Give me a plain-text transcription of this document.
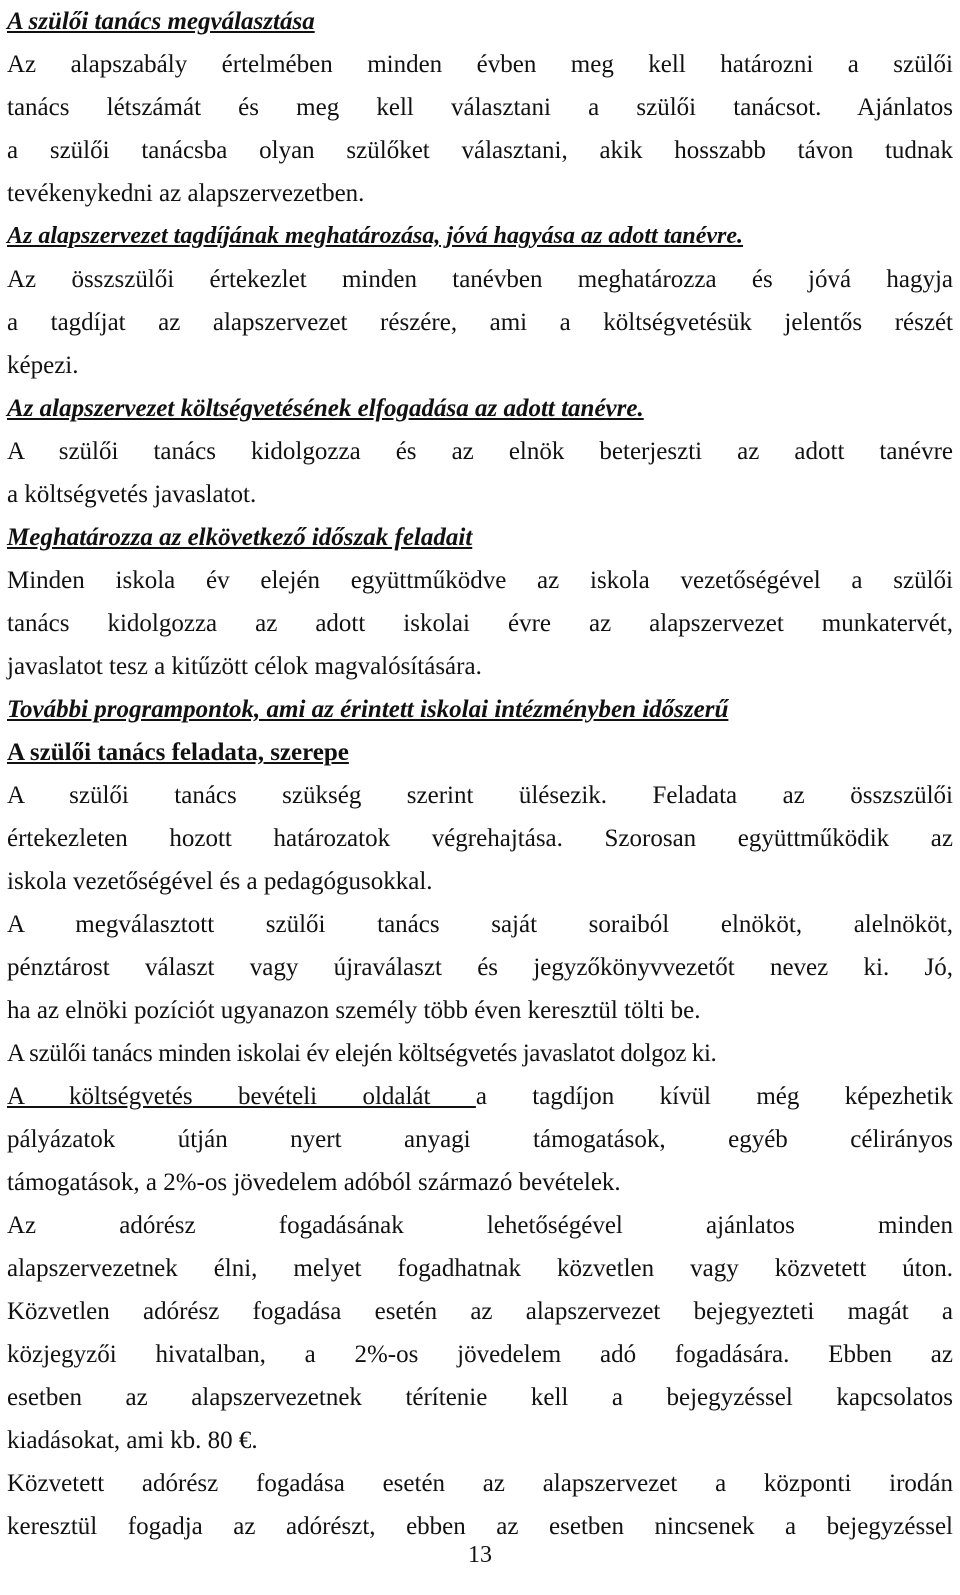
A szülői tanács megválasztása
Az alapszabály értelmében minden évben meg kell határozni a szülői
tanács létszámát és meg kell választani a szülői tanácsot. Ajánlatos
a szülői tanácsba olyan szülőket választani, akik hosszabb távon tudnak
tevékenykedni az alapszervezetben.
Az alapszervezet tagdíjának meghatározása, jóvá hagyása az adott tanévre.
Az összszülői értekezlet minden tanévben meghatározza és jóvá hagyja
a tagdíjat az alapszervezet részére, ami a költségvetésük jelentős részét
képezi.
Az alapszervezet költségvetésének elfogadása az adott tanévre.
A szülői tanács kidolgozza és az elnök beterjeszti az adott tanévre
a költségvetés javaslatot.
Meghatározza az elkövetkező időszak feladait
Minden iskola év elején együttműködve az iskola vezetőségével a szülői
tanács kidolgozza az adott iskolai évre az alapszervezet munkatervét,
javaslatot tesz a kitűzött célok magvalósítására.
További programpontok, ami az érintett iskolai intézményben időszerű
A szülői tanács feladata, szerepe
A szülői tanács szükség szerint ülésezik. Feladata az összszülői
értekezleten hozott határozatok végrehajtása. Szorosan együttműködik az
iskola vezetőségével és a pedagógusokkal.
A megválasztott szülői tanács saját soraiból elnököt, alelnököt,
pénztárost választ vagy újraválaszt és jegyzőkönyvvezetőt nevez ki. Jó,
ha az elnöki pozíciót ugyanazon személy több éven keresztül tölti be.
A szülői tanács minden iskolai év elején költségvetés javaslatot dolgoz ki.
A költségvetés bevételi oldalát a tagdíjon kívül még képezhetik
pályázatok útján nyert anyagi támogatások, egyéb célirányos
támogatások, a 2%-os jövedelem adóból származó bevételek.
Az adórész fogadásának lehetőségével ajánlatos minden
alapszervezetnek élni, melyet fogadhatnak közvetlen vagy közvetett úton.
Közvetlen adórész fogadása esetén az alapszervezet bejegyezteti magát a
közjegyzői hivatalban, a 2%-os jövedelem adó fogadására. Ebben az
esetben az alapszervezetnek térítenie kell a bejegyzéssel kapcsolatos
kiadásokat, ami kb. 80 €.
Közvetett adórész fogadása esetén az alapszervezet a központi irodán
keresztül fogadja az adórészt, ebben az esetben nincsenek a bejegyzéssel
13
